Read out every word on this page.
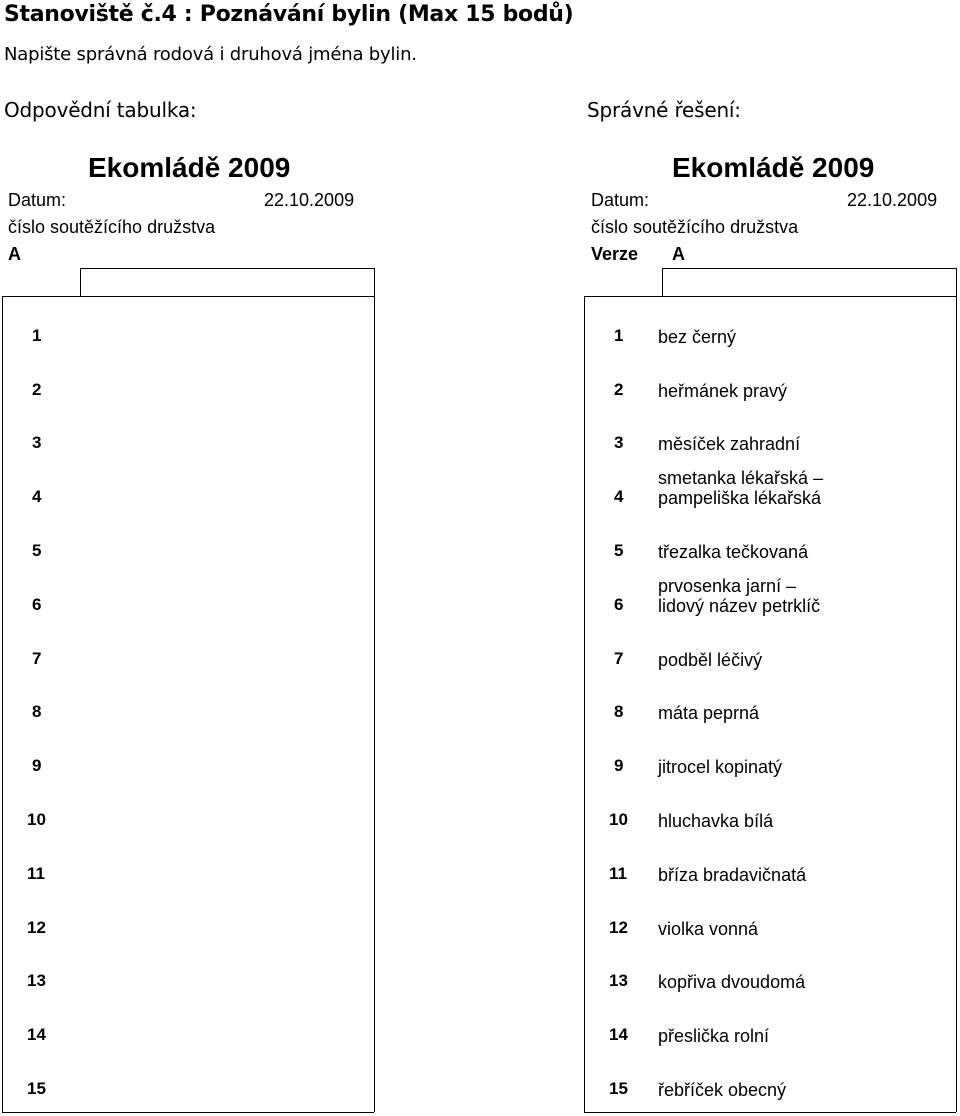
Stanoviště č.4 : Poznávání bylin (Max 15 bodů)
Napište správná rodová i druhová jména bylin.
Odpovědní tabulka:	Správné řešení:
Ekomládě 2009	Ekomládě 2009
Datum:	22.10.2009	Datum:	22.10.2009
číslo soutěžícího družstva	číslo soutěžícího družstva
A	Verze A
1
2
3
4
5
6
7
8
9
10
11
12
13
14
15
1 bez černý
2 heřmánek pravý
3 měsíček zahradní
4
smetanka lékařská –
pampeliška lékařská
5 třezalka tečkovaná
6
prvosenka jarní –
lidový název petrklíč
7 podběl léčivý
8 máta peprná
9 jitrocel kopinatý
10 hluchavka bílá
11 bříza bradavičnatá
12 violka vonná
13 kopřiva dvoudomá
14 přeslička rolní
15 řebříček obecný
